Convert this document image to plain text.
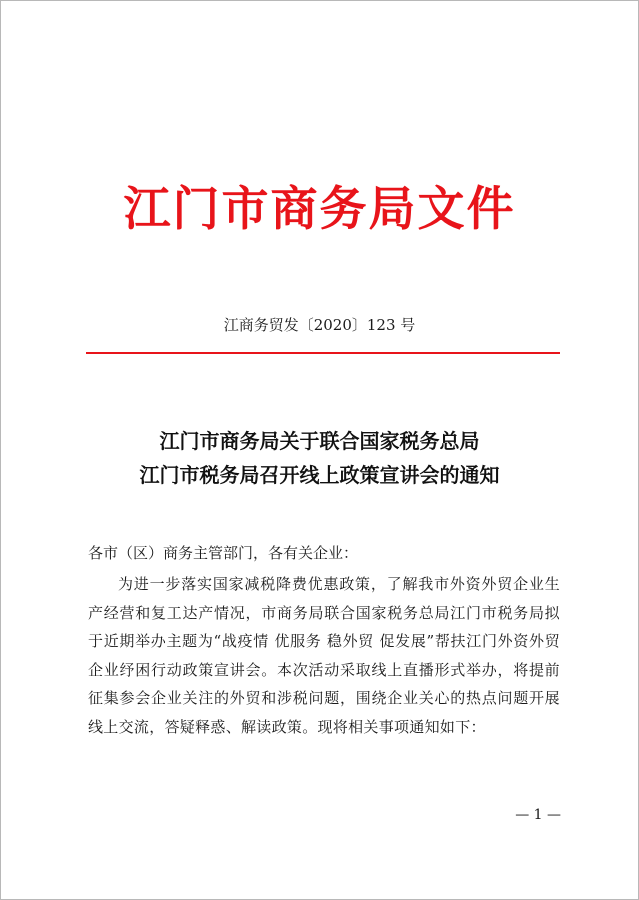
江门市商务局文件
江商务贸发〔2020〕123 号
江门市商务局关于联合国家税务总局
江门市税务局召开线上政策宣讲会的通知
各市（区）商务主管部门，各有关企业：
为进一步落实国家减税降费优惠政策，了解我市外资外贸企业生产经营和复工达产情况，市商务局联合国家税务总局江门市税务局拟于近期举办主题为“战疫情 优服务 稳外贸 促发展”帮扶江门外资外贸企业纾困行动政策宣讲会。本次活动采取线上直播形式举办，将提前征集参会企业关注的外贸和涉税问题，围绕企业关心的热点问题开展线上交流，答疑释惑、解读政策。现将相关事项通知如下：
— 1 —
